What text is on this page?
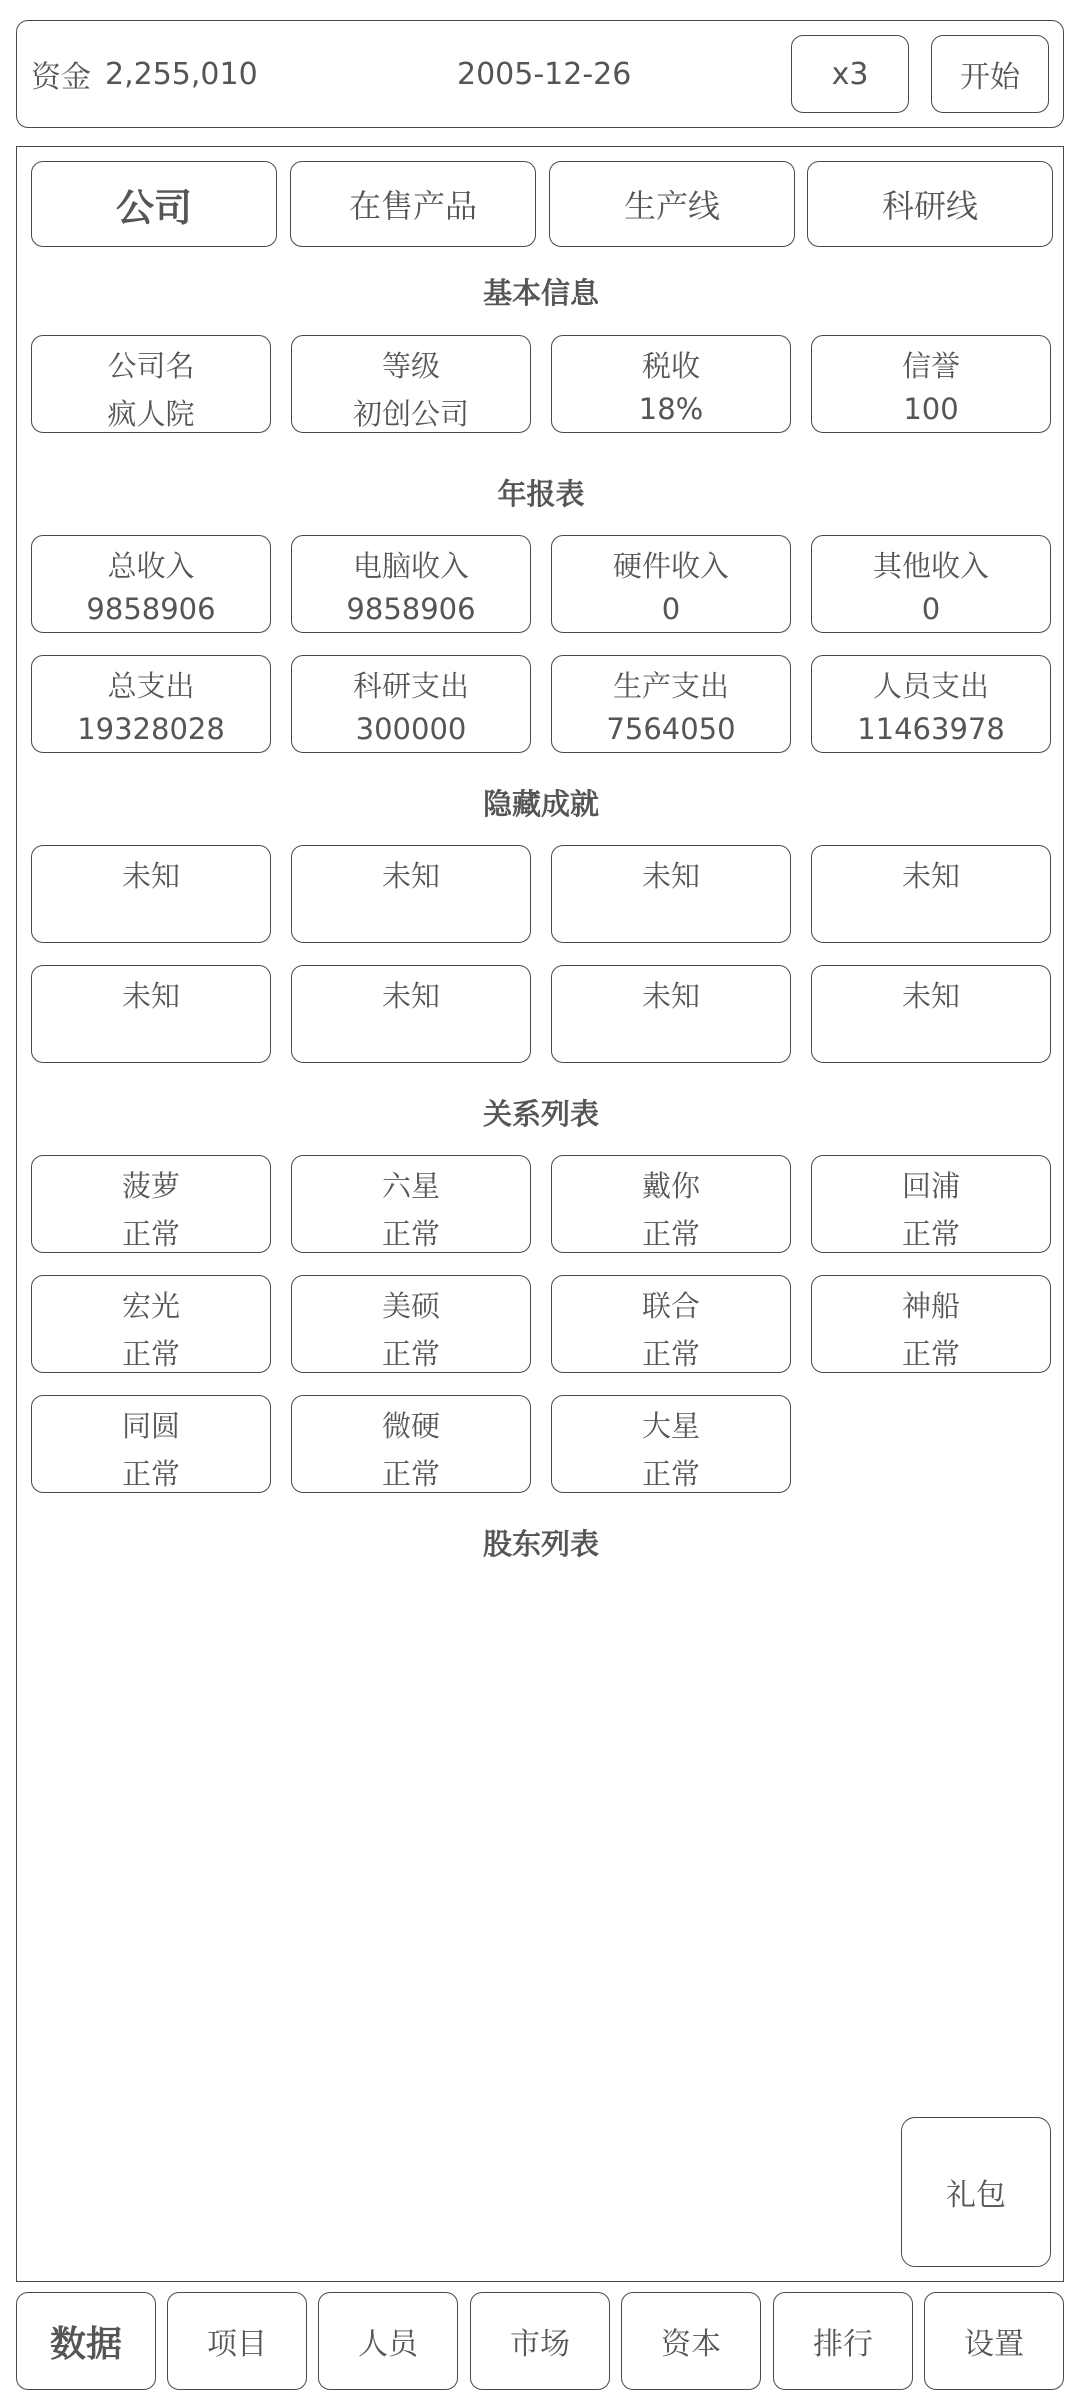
资金 2,255,010	2005-12-26	x3	开始
公司	在售产品	生产线	科研线
基本信息
公司名
疯人院
等级
初创公司
税收
18%
信誉
100
年报表
总收入
9858906
电脑收入
9858906
硬件收入
0
其他收入
0
总支出
19328028
科研支出
300000
生产支出
7564050
人员支出
11463978
隐藏成就
未知	未知	未知	未知
未知	未知	未知	未知
关系列表
菠萝
正常
六星
正常
戴你
正常
回浦
正常
宏光
正常
美硕
正常
联合
正常
神船
正常
同圆
正常
微硬
正常
大星
正常
股东列表
礼包
数据	项目	人员	市场	资本	排行	设置
